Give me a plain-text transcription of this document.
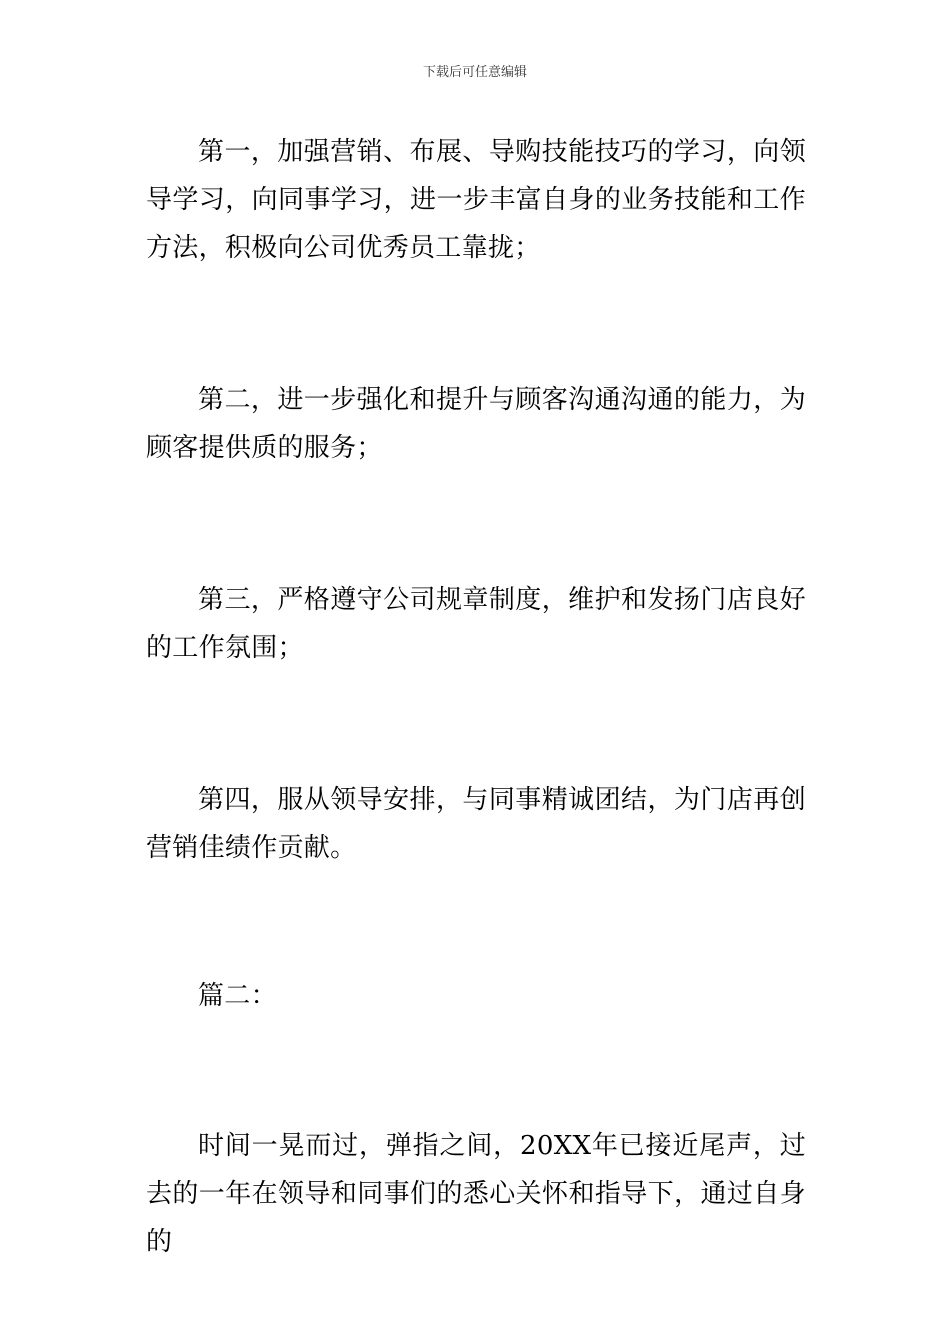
下载后可任意编辑

第一，加强营销、布展、导购技能技巧的学习，向领导学习，向同事学习，进一步丰富自身的业务技能和工作方法，积极向公司优秀员工靠拢；

第二，进一步强化和提升与顾客沟通沟通的能力，为顾客提供质的服务；

第三，严格遵守公司规章制度，维护和发扬门店良好的工作氛围；

第四，服从领导安排，与同事精诚团结，为门店再创营销佳绩作贡献。

篇二：

时间一晃而过，弹指之间，20XX年已接近尾声，过去的一年在领导和同事们的悉心关怀和指导下，通过自身的
